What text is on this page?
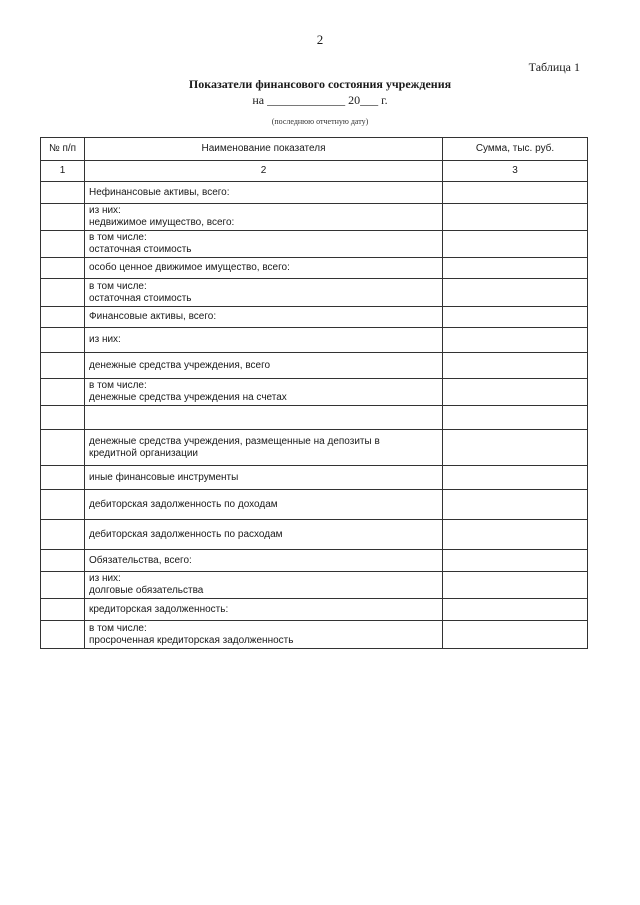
2
Таблица 1
Показатели финансового состояния учреждения
на _____________ 20___ г.
(последнюю отчетную дату)
№ п/п	Наименование показателя	Сумма, тыс. руб.
1	2	3

	Нефинансовые активы, всего:	

	из них:
недвижимое имущество, всего:	

	в том числе:
остаточная стоимость	

	особо ценное движимое имущество, всего:	

	в том числе:
остаточная стоимость	

	Финансовые активы, всего:	

	из них:	

	денежные средства учреждения, всего	

	в том числе:
денежные средства учреждения на счетах	

	денежные средства учреждения, размещенные на депозиты в
кредитной организации	

	иные финансовые инструменты	

	дебиторская задолженность по доходам	

	дебиторская задолженность по расходам	

	Обязательства, всего:	

	из них:
долговые обязательства	

	кредиторская задолженность:	

	в том числе:
просроченная кредиторская задолженность	
